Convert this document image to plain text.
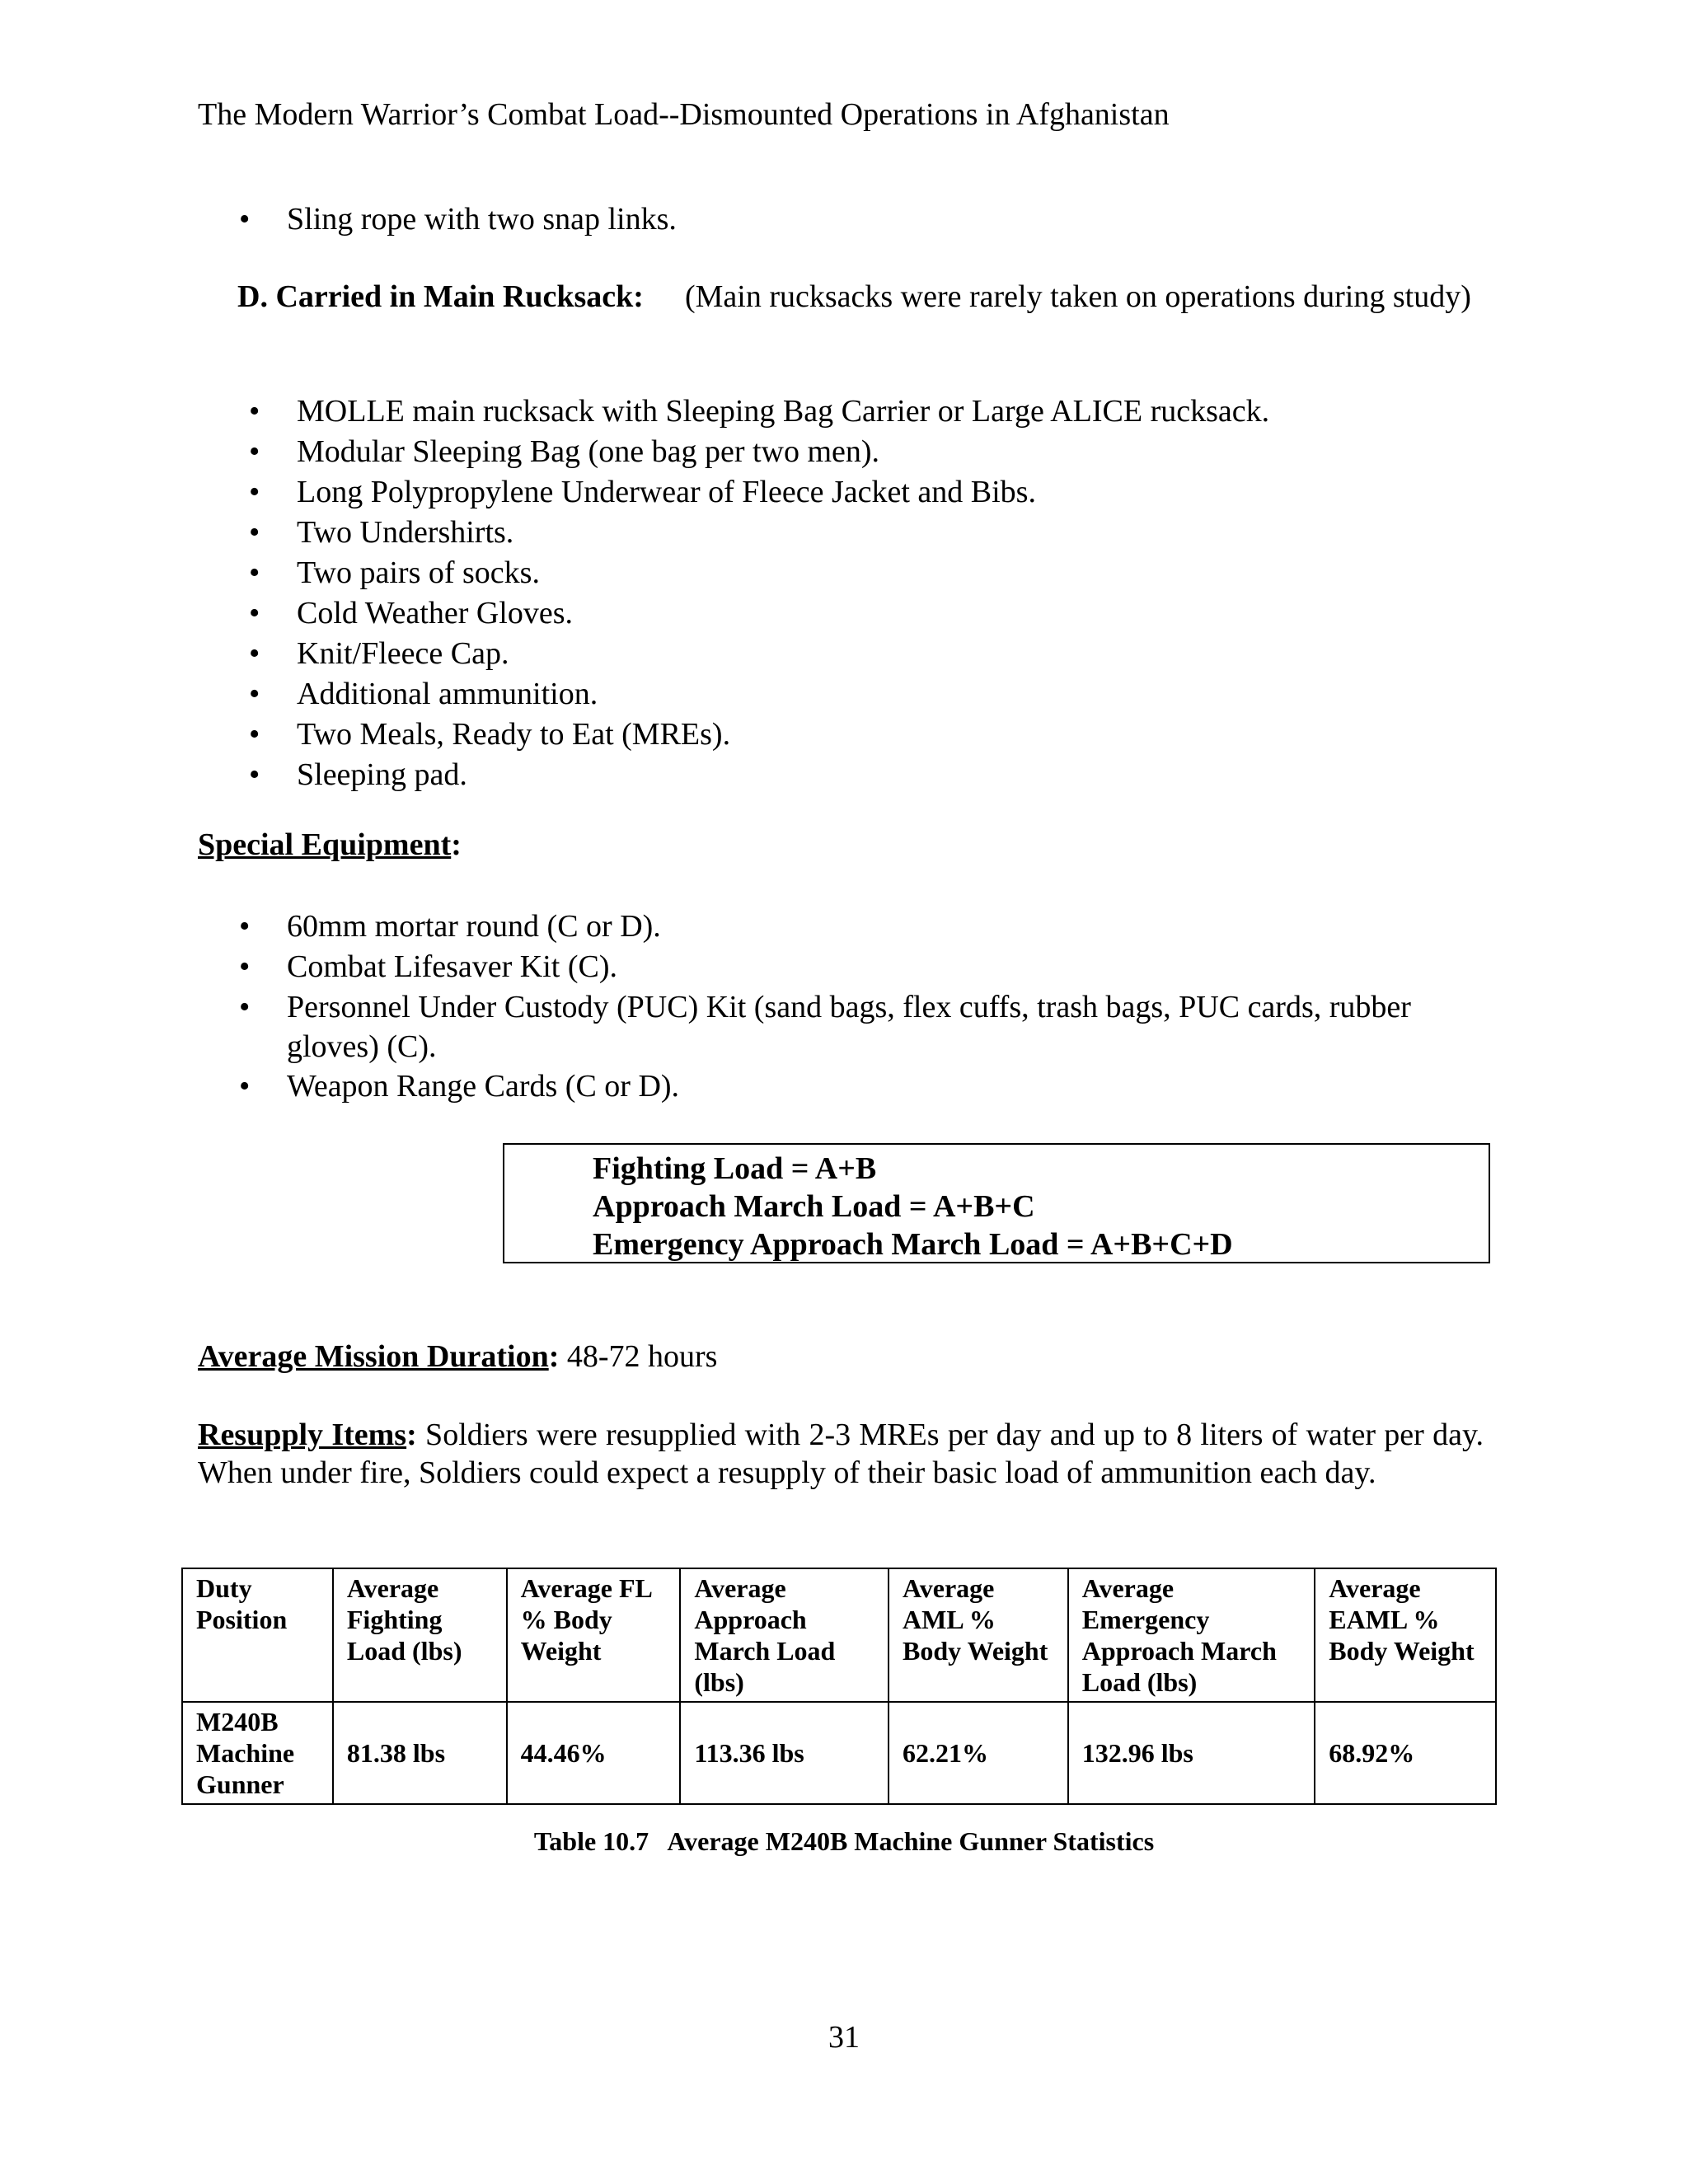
The Modern Warrior’s Combat Load--Dismounted Operations in Afghanistan
• Sling rope with two snap links.
D. Carried in Main Rucksack: (Main rucksacks were rarely taken on operations during study)
• MOLLE main rucksack with Sleeping Bag Carrier or Large ALICE rucksack.
• Modular Sleeping Bag (one bag per two men).
• Long Polypropylene Underwear of Fleece Jacket and Bibs.
• Two Undershirts.
• Two pairs of socks.
• Cold Weather Gloves.
• Knit/Fleece Cap.
• Additional ammunition.
• Two Meals, Ready to Eat (MREs).
• Sleeping pad.
Special Equipment:
• 60mm mortar round (C or D).
• Combat Lifesaver Kit (C).
• Personnel Under Custody (PUC) Kit (sand bags, flex cuffs, trash bags, PUC cards, rubber gloves) (C).
• Weapon Range Cards (C or D).
Fighting Load = A+B
Approach March Load = A+B+C
Emergency Approach March Load = A+B+C+D
Average Mission Duration: 48-72 hours
Resupply Items: Soldiers were resupplied with 2-3 MREs per day and up to 8 liters of water per day. When under fire, Soldiers could expect a resupply of their basic load of ammunition each day.
Duty Position	Average Fighting Load (lbs)	Average FL % Body Weight	Average Approach March Load (lbs)	Average AML % Body Weight	Average Emergency Approach March Load (lbs)	Average EAML % Body Weight
M240B Machine Gunner	81.38 lbs	44.46%	113.36 lbs	62.21%	132.96 lbs	68.92%
Table 10.7   Average M240B Machine Gunner Statistics
31
